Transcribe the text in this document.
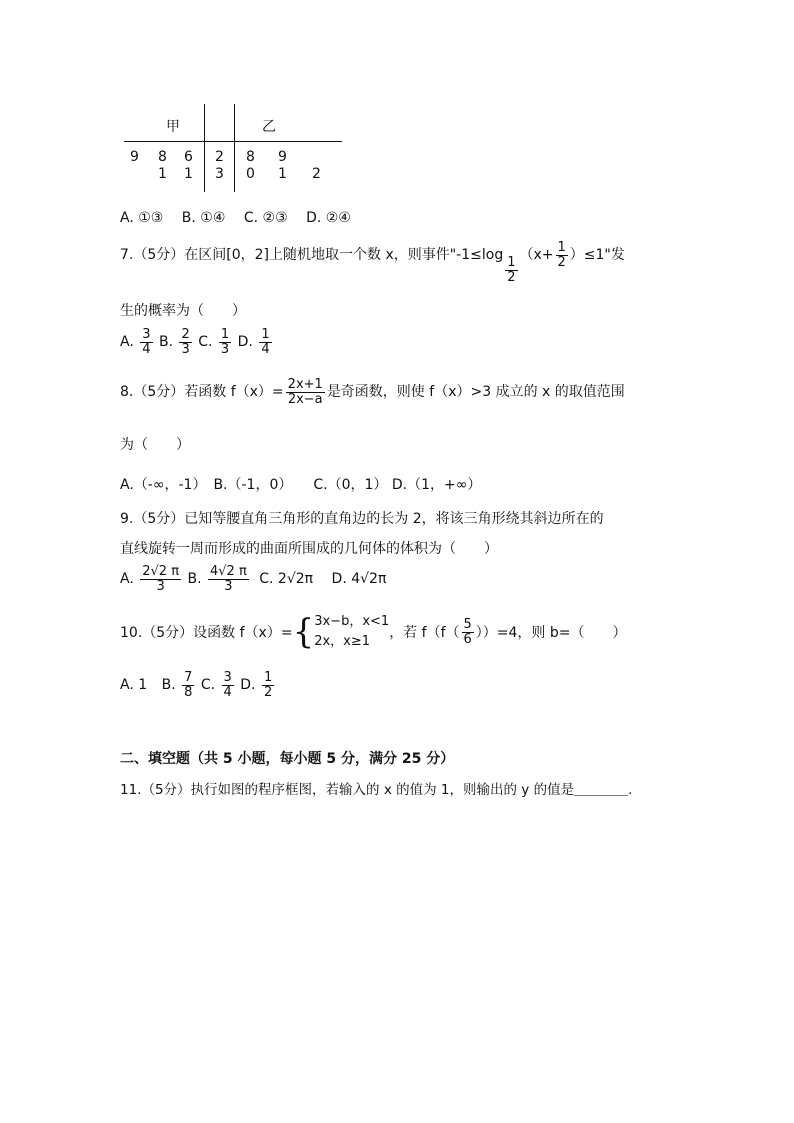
甲	乙
9 8 6 2 8 9
1 1 3 0 1 2
A. ①③　 B. ①④　 C. ②③　 D. ②④
7.（5分）在区间[0，2]上随机地取一个数 x，则事件"-1≤log
$\frac{1}{2}$
$(x+ \frac{1}{2} )\le 1$"发
生的概率为（　　）
A. $\frac{3}{4} B$. $\frac{2}{3} C$. $\frac{1}{3} D$. $\frac{1}{4}$
8.（5分）若函数 $f(x)= \frac{2x+1}{2x-a}$ 是奇函数，则使 f（x）>3 成立的 x 的取值范围
为（　　）
A.（-∞，-1）　B.（-1，0）　　C.（0，1） D.（1，+∞）
9.（5分）已知等腰直角三角形的直角边的长为 2，将该三角形绕其斜边所在的
直线旋转一周而形成的曲面所围成的几何体的体积为（　　）
A. $\frac{2√2 \pi}{3} B$. $\frac{4√2 \pi}{3} C$. 2√2π D. 4√2π
10.（5分）设函数 f（x）={ 3x−b，x<1
2x，x≥1
，若 $f(f( \frac{5}{6} ))=4$，则 b=（　　）
A. 1 B. $\frac{7}{8} C$. $\frac{3}{4} D$. $\frac{1}{2}$
二、填空题（共 5 小题，每小题 5 分，满分 25 分）
11.（5分）执行如图的程序框图，若输入的 x 的值为 1，则输出的 y 的值是＿＿＿＿.
